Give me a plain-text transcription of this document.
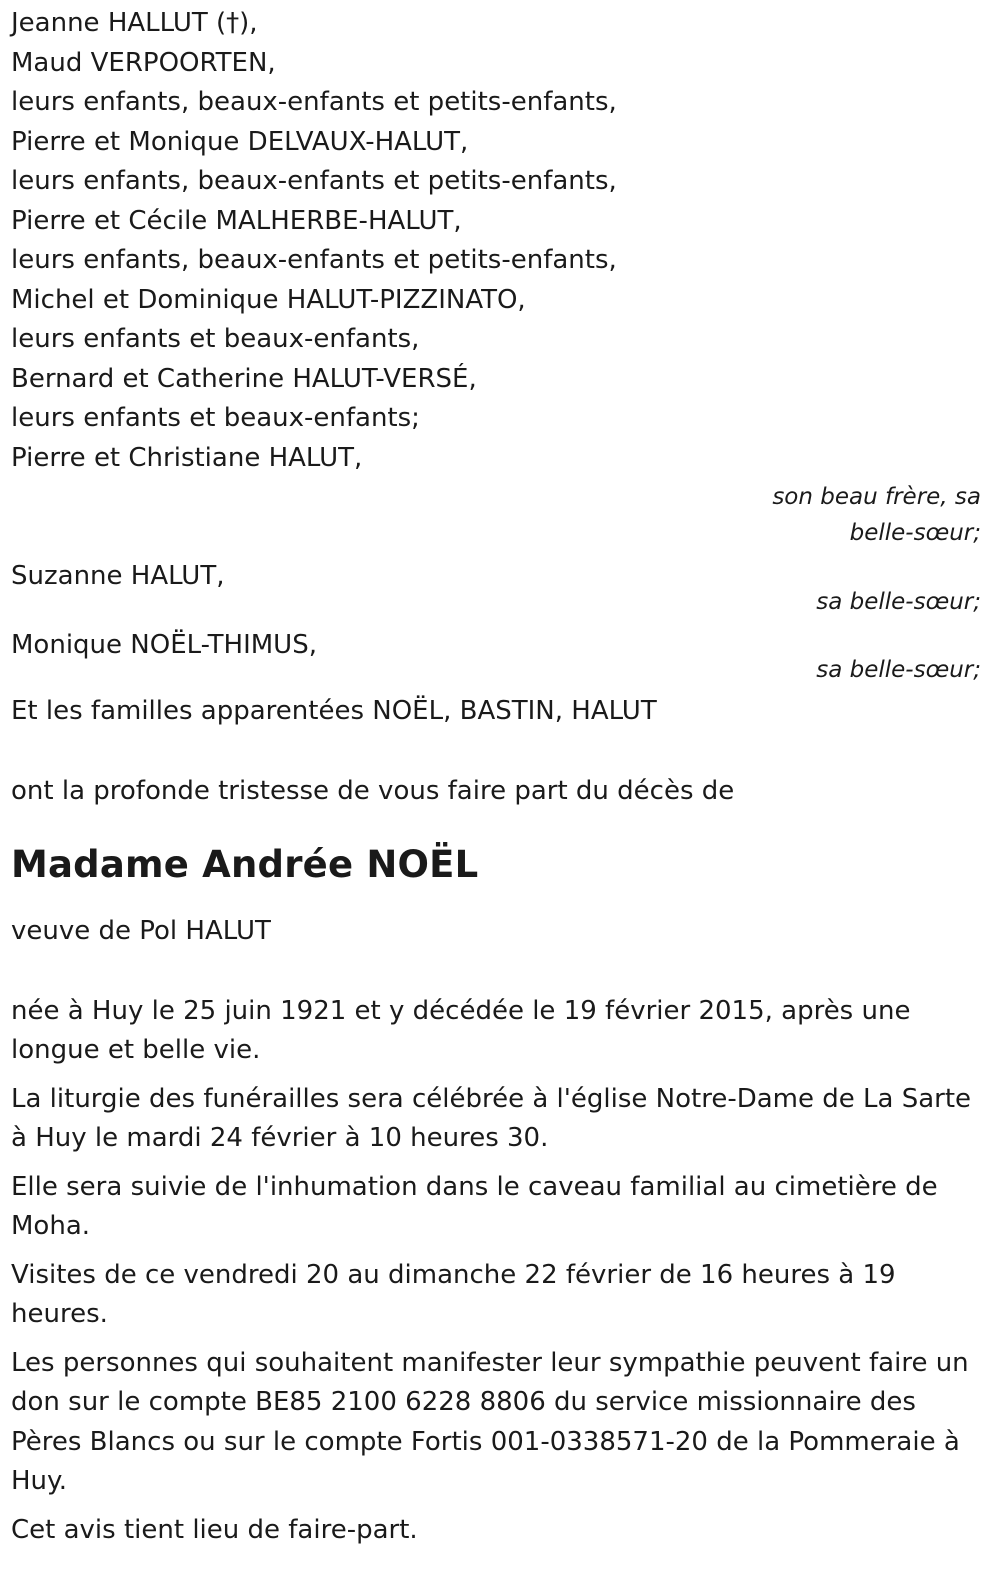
Jeanne HALLUT (†),
Maud VERPOORTEN,
leurs enfants, beaux-enfants et petits-enfants,
Pierre et Monique DELVAUX-HALUT,
leurs enfants, beaux-enfants et petits-enfants,
Pierre et Cécile MALHERBE-HALUT,
leurs enfants, beaux-enfants et petits-enfants,
Michel et Dominique HALUT-PIZZINATO,
leurs enfants et beaux-enfants,
Bernard et Catherine HALUT-VERSÉ,
leurs enfants et beaux-enfants;
Pierre et Christiane HALUT,
son beau frère, sa
belle-sœur;
Suzanne HALUT,
sa belle-sœur;
Monique NOËL-THIMUS,
sa belle-sœur;
Et les familles apparentées NOËL, BASTIN, HALUT
ont la profonde tristesse de vous faire part du décès de
Madame Andrée NOËL
veuve de Pol HALUT

née à Huy le 25 juin 1921 et y décédée le 19 février 2015, après une longue et belle vie.

La liturgie des funérailles sera célébrée à l'église Notre-Dame de La Sarte à Huy le mardi 24 février à 10 heures 30.

Elle sera suivie de l'inhumation dans le caveau familial au cimetière de Moha.

Visites de ce vendredi 20 au dimanche 22 février de 16 heures à 19 heures.

Les personnes qui souhaitent manifester leur sympathie peuvent faire un don sur le compte BE85 2100 6228 8806 du service missionnaire des Pères Blancs ou sur le compte Fortis 001-0338571-20 de la Pommeraie à Huy.

Cet avis tient lieu de faire-part.
